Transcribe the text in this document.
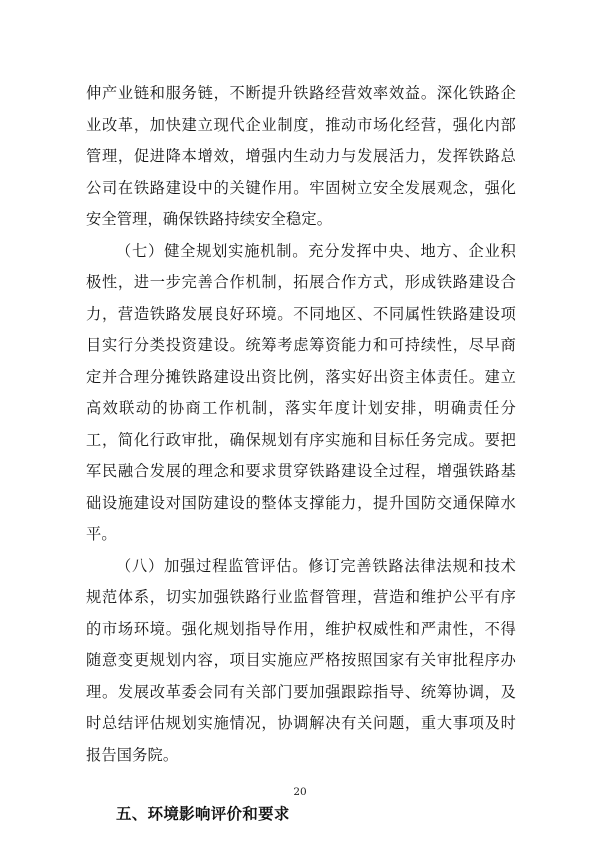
伸产业链和服务链，不断提升铁路经营效率效益。深化铁路企业改革，加快建立现代企业制度，推动市场化经营，强化内部管理，促进降本增效，增强内生动力与发展活力，发挥铁路总公司在铁路建设中的关键作用。牢固树立安全发展观念，强化安全管理，确保铁路持续安全稳定。

（七）健全规划实施机制。充分发挥中央、地方、企业积极性，进一步完善合作机制，拓展合作方式，形成铁路建设合力，营造铁路发展良好环境。不同地区、不同属性铁路建设项目实行分类投资建设。统筹考虑筹资能力和可持续性，尽早商定并合理分摊铁路建设出资比例，落实好出资主体责任。建立高效联动的协商工作机制，落实年度计划安排，明确责任分工，简化行政审批，确保规划有序实施和目标任务完成。要把军民融合发展的理念和要求贯穿铁路建设全过程，增强铁路基础设施建设对国防建设的整体支撑能力，提升国防交通保障水平。

（八）加强过程监管评估。修订完善铁路法律法规和技术规范体系，切实加强铁路行业监督管理，营造和维护公平有序的市场环境。强化规划指导作用，维护权威性和严肃性，不得随意变更规划内容，项目实施应严格按照国家有关审批程序办理。发展改革委会同有关部门要加强跟踪指导、统筹协调，及时总结评估规划实施情况，协调解决有关问题，重大事项及时报告国务院。

五、环境影响评价和要求

20
